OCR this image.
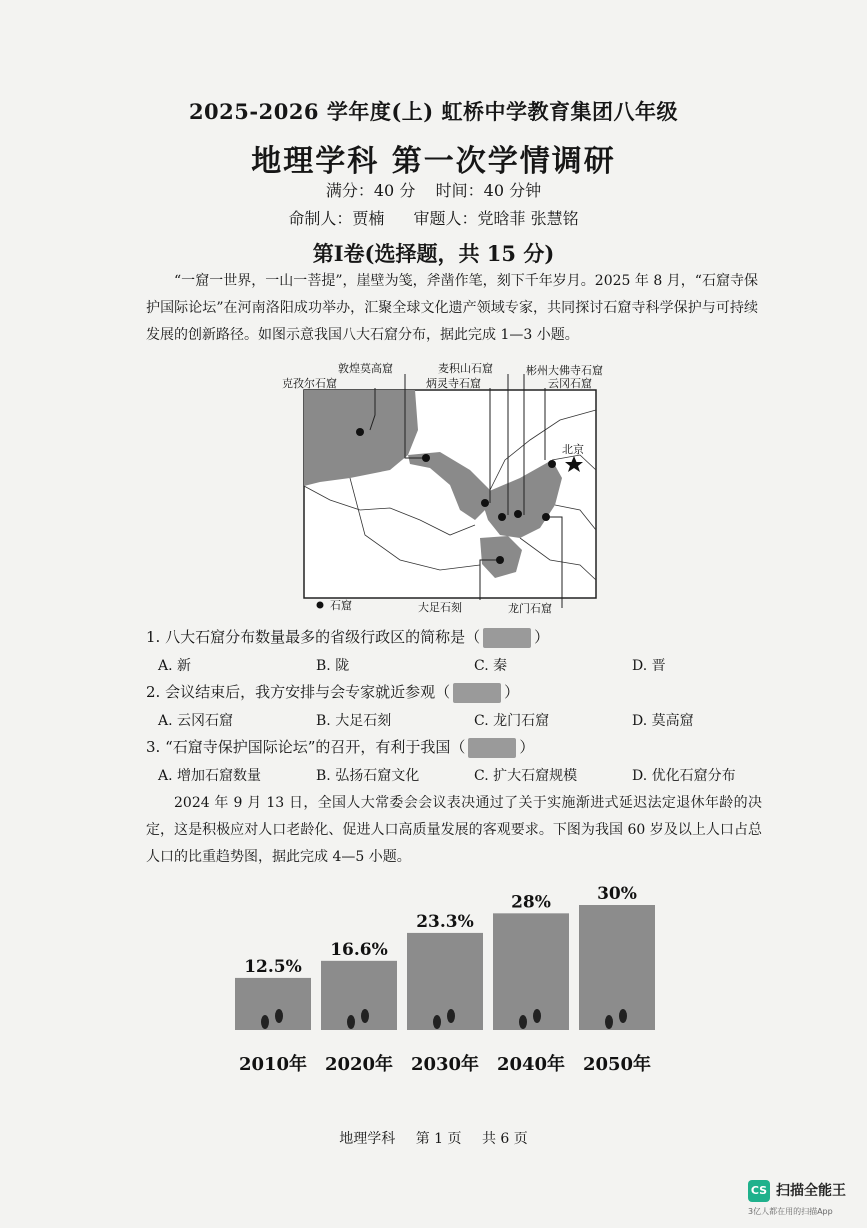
2025-2026 学年度(上) 虹桥中学教育集团八年级
地理学科 第一次学情调研
满分：40 分    时间：40 分钟
命制人：贾楠 审题人：党晗菲 张慧铭
第Ⅰ卷(选择题，共 15 分)
“一窟一世界，一山一菩提”，崖壁为笺，斧凿作笔，刻下千年岁月。2025 年 8 月，“石窟寺保护国际论坛”在河南洛阳成功举办，汇聚全球文化遗产领域专家，共同探讨石窟寺科学保护与可持续发展的创新路径。如图示意我国八大石窟分布，据此完成 1—3 小题。
敦煌莫高窟
克孜尔石窟
麦积山石窟
炳灵寺石窟
彬州大佛寺石窟
云冈石窟
北京
大足石刻	龙门石窟
石窟
1. 八大石窟分布数量最多的省级行政区的简称是（	）
A. 新	B. 陇	C. 秦	D. 晋
2. 会议结束后，我方安排与会专家就近参观（	）
A. 云冈石窟	B. 大足石刻	C. 龙门石窟	D. 莫高窟
3. “石窟寺保护国际论坛”的召开，有利于我国（	）
A. 增加石窟数量	B. 弘扬石窟文化	C. 扩大石窟规模	D. 优化石窟分布
2024 年 9 月 13 日，全国人大常委会会议表决通过了关于实施渐进式延迟法定退休年龄的决定，这是积极应对人口老龄化、促进人口高质量发展的客观要求。下图为我国 60 岁及以上人口占总人口的比重趋势图，据此完成 4—5 小题。
12.5%
2010年
16.6%
2020年
23.3%
2030年
28%
2040年
30%
2050年
地理学科 第 1 页 共 6 页
CS 扫描全能王
3亿人都在用的扫描App
